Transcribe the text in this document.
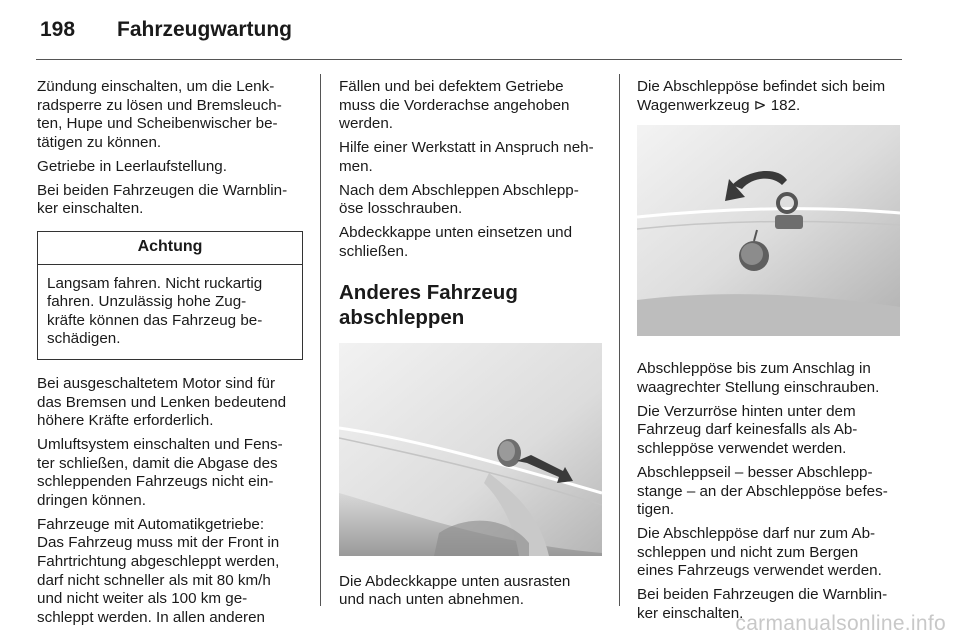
198 Fahrzeugwartung

Zündung einschalten, um die Lenk-
radsperre zu lösen und Bremsleuch-
ten, Hupe und Scheibenwischer be-
tätigen zu können.

Getriebe in Leerlaufstellung.

Bei beiden Fahrzeugen die Warnblin-
ker einschalten.

Achtung
Langsam fahren. Nicht ruckartig
fahren. Unzulässig hohe Zug-
kräfte können das Fahrzeug be-
schädigen.

Bei ausgeschaltetem Motor sind für
das Bremsen und Lenken bedeutend
höhere Kräfte erforderlich.

Umluftsystem einschalten und Fens-
ter schließen, damit die Abgase des
schleppenden Fahrzeugs nicht ein-
dringen können.

Fahrzeuge mit Automatikgetriebe:
Das Fahrzeug muss mit der Front in
Fahrtrichtung abgeschleppt werden,
darf nicht schneller als mit 80 km/h
und nicht weiter als 100 km ge-
schleppt werden. In allen anderen

Fällen und bei defektem Getriebe
muss die Vorderachse angehoben
werden.

Hilfe einer Werkstatt in Anspruch neh-
men.

Nach dem Abschleppen Abschlepp-
öse losschrauben.

Abdeckkappe unten einsetzen und
schließen.

Anderes Fahrzeug
abschleppen

Die Abdeckkappe unten ausrasten
und nach unten abnehmen.

Die Abschleppöse befindet sich beim
Wagenwerkzeug ⊳ 182.

Abschleppöse bis zum Anschlag in
waagrechter Stellung einschrauben.

Die Verzurröse hinten unter dem
Fahrzeug darf keinesfalls als Ab-
schleppöse verwendet werden.

Abschleppseil – besser Abschlepp-
stange – an der Abschleppöse befes-
tigen.

Die Abschleppöse darf nur zum Ab-
schleppen und nicht zum Bergen
eines Fahrzeugs verwendet werden.

Bei beiden Fahrzeugen die Warnblin-
ker einschalten.

carmanualsonline.info
